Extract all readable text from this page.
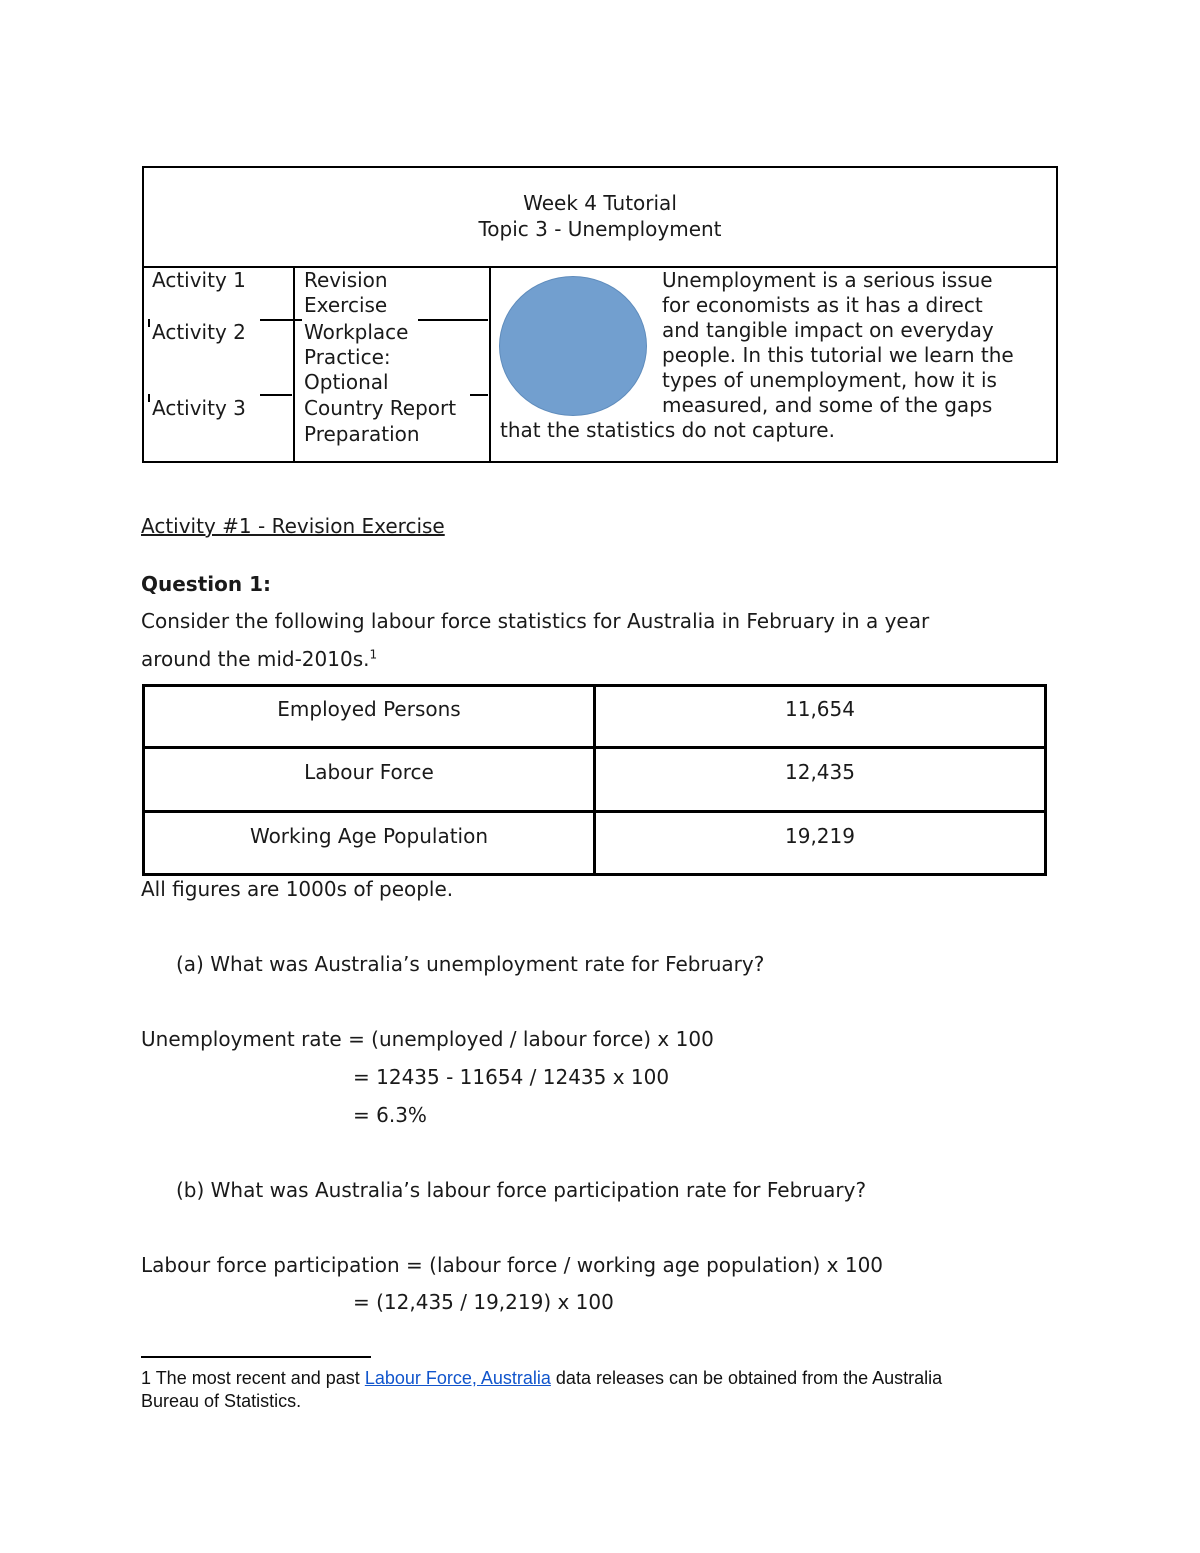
Week 4 Tutorial
Topic 3 - Unemployment
Activity 1	Revision
Exercise
Activity 2	Workplace
Practice:
Optional
Activity 3	Country Report
Preparation
Unemployment is a serious issue
for economists as it has a direct
and tangible impact on everyday
people. In this tutorial we learn the
types of unemployment, how it is
measured, and some of the gaps
that the statistics do not capture.
Activity #1 - Revision Exercise
Question 1:
Consider the following labour force statistics for Australia in February in a year
around the mid-2010s.$^1$
Employed Persons	11,654
Labour Force	12,435
Working Age Population	19,219
All figures are 1000s of people.
(a) What was Australia’s unemployment rate for February?
Unemployment rate = (unemployed / labour force) x 100
= 12435 - 11654 / 12435 x 100
= 6.3%
(b) What was Australia’s labour force participation rate for February?
Labour force participation = (labour force / working age population) x 100
= (12,435 / 19,219) x 100
1 The most recent and past Labour Force, Australia data releases can be obtained from the Australia
Bureau of Statistics.
